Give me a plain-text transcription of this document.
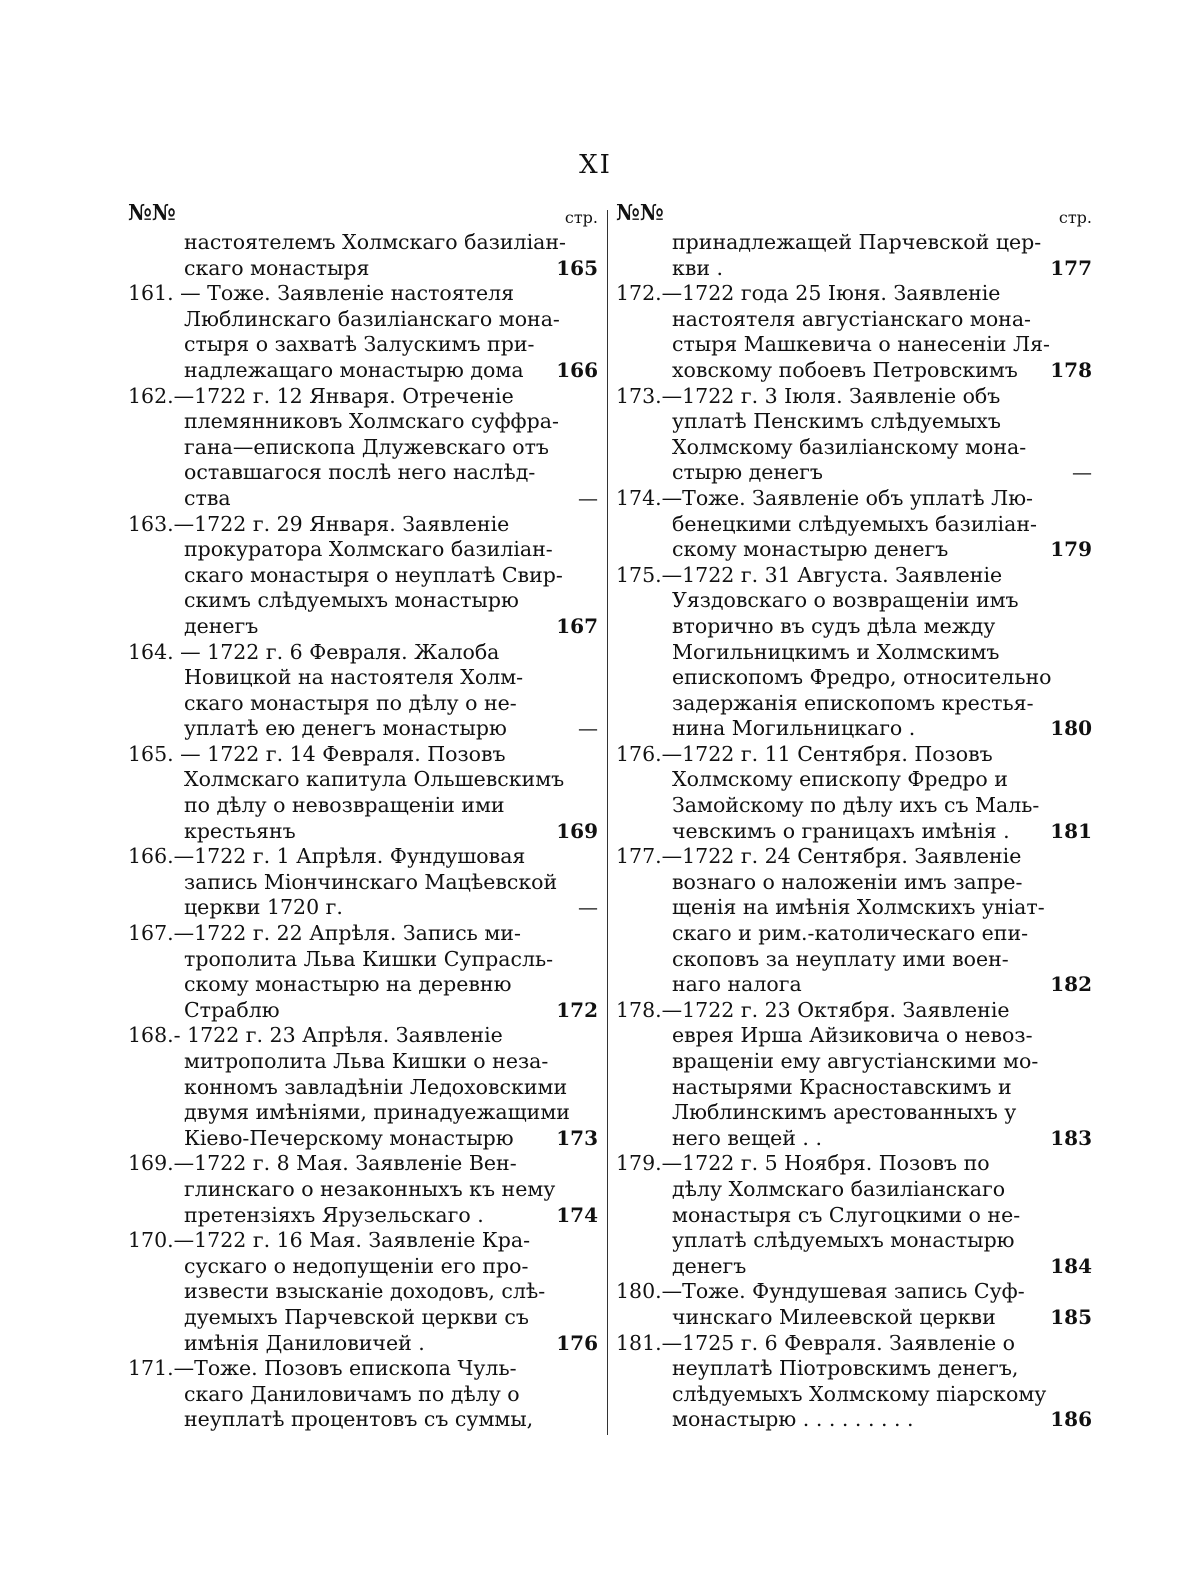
XI
№№	стр.
настоятелемъ Холмскаго базиліан-
скаго монастыря	165
161. — Тоже. Заявленіе настоятеля
Люблинскаго базиліанскаго мона-
стыря о захватѣ Залускимъ при-
надлежащаго монастырю дома 166
162.—1722 г. 12 Января. Отреченіе
племянниковъ Холмскаго суффра-
гана—епископа Длужевскаго отъ
оставшагося послѣ него наслѣд-
ства	—
163.—1722 г. 29 Января. Заявленіе
прокуратора Холмскаго базиліан-
скаго монастыря о неуплатѣ Свир-
скимъ слѣдуемыхъ монастырю
денегъ	167
164. — 1722 г. 6 Февраля. Жалоба
Новицкой на настоятеля Холм-
скаго монастыря по дѣлу о не-
уплатѣ ею денегъ монастырю	—
165. — 1722 г. 14 Февраля. Позовъ
Холмскаго капитула Ольшевскимъ
по дѣлу о невозвращеніи ими
крестьянъ	169
166.—1722 г. 1 Апрѣля. Фундушовая
запись Міончинскаго Мацѣевской
церкви 1720 г.	—
167.—1722 г. 22 Апрѣля. Запись ми-
трополита Льва Кишки Супрасль-
скому монастырю на деревню
Страблю	172
168.- 1722 г. 23 Апрѣля. Заявленіе
митрополита Льва Кишки о неза-
конномъ завладѣніи Ледоховскими
двумя имѣніями, принадуежащими
Кіево-Печерскому монастырю 173
169.—1722 г. 8 Мая. Заявленіе Вен-
глинскаго о незаконныхъ къ нему
претензіяхъ Ярузельскаго .	174
170.—1722 г. 16 Мая. Заявленіе Кра-
сускаго о недопущеніи его про-
извести взысканіе доходовъ, слѣ-
дуемыхъ Парчевской церкви съ
имѣнія Даниловичей .	176
171.—Тоже. Позовъ епископа Чуль-
скаго Даниловичамъ по дѣлу о
неуплатѣ процентовъ съ суммы,
№№	стр.
принадлежащей Парчевской цер-
кви .	177
172.—1722 года 25 Іюня. Заявленіе
настоятеля августіанскаго мона-
стыря Машкевича о нанесеніи Ля-
ховскому побоевъ Петровскимъ 178
173.—1722 г. 3 Іюля. Заявленіе объ
уплатѣ Пенскимъ слѣдуемыхъ
Холмскому базиліанскому мона-
стырю денегъ	—
174.—Тоже. Заявленіе объ уплатѣ Лю-
бенецкими слѣдуемыхъ базиліан-
скому монастырю денегъ	179
175.—1722 г. 31 Августа. Заявленіе
Уяздовскаго о возвращеніи имъ
вторично въ судъ дѣла между
Могильницкимъ и Холмскимъ
епископомъ Фредро, относительно
задержанія епископомъ крестья-
нина Могильницкаго .	180
176.—1722 г. 11 Сентября. Позовъ
Холмскому епископу Фредро и
Замойскому по дѣлу ихъ съ Маль-
чевскимъ о границахъ имѣнія . 181
177.—1722 г. 24 Сентября. Заявленіе
вознаго о наложеніи имъ запре-
щенія на имѣнія Холмскихъ уніат-
скаго и рим.-католическаго епи-
скоповъ за неуплату ими воен-
наго налога	182
178.—1722 г. 23 Октября. Заявленіе
еврея Ирша Айзиковича о невоз-
вращеніи ему августіанскими мо-
настырями Красноставскимъ и
Люблинскимъ арестованныхъ у
него вещей . .	183
179.—1722 г. 5 Ноября. Позовъ по
дѣлу Холмскаго базиліанскаго
монастыря съ Слугоцкими о не-
уплатѣ слѣдуемыхъ монастырю
денегъ	184
180.—Тоже. Фундушевая запись Суф-
чинскаго Милеевской церкви	185
181.—1725 г. 6 Февраля. Заявленіе о
неуплатѣ Піотровскимъ денегъ,
слѣдуемыхъ Холмскому піарскому
монастырю . . . . . . . . .	186
